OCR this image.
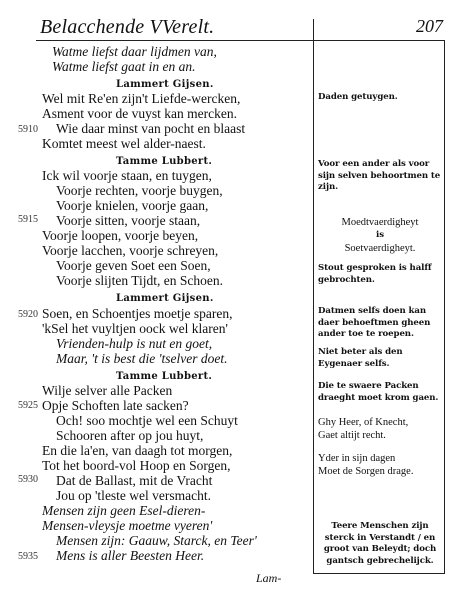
Belacchende VVerelt.	207
5910
5915
5920
5925
5930
5935
Watme liefst daar lijdmen van,
Watme liefst gaat in en an.
Lammert Gijsen.
Wel mit Re'en zijn't Liefde-wercken,
Asment voor de vuyst kan mercken.
Wie daar minst van pocht en blaast
Komtet meest wel alder-naest.
Tamme Lubbert.
Ick wil voorje staan, en tuygen,
Voorje rechten, voorje buygen,
Voorje knielen, voorje gaan,
Voorje sitten, voorje staan,
Voorje loopen, voorje beyen,
Voorje lacchen, voorje schreyen,
Voorje geven Soet een Soen,
Voorje slijten Tijdt, en Schoen.
Lammert Gijsen.
Soen, en Schoentjes moetje sparen,
'kSel het vuyltjen oock wel klaren'
Vrienden-hulp is nut en goet,
Maar, 't is best die 'tselver doet.
Tamme Lubbert.
Wilje selver alle Packen
Opje Schoften late sacken?
Och! soo mochtje wel een Schuyt
Schooren after op jou huyt,
En die la'en, van daagh tot morgen,
Tot het boord-vol Hoop en Sorgen,
Dat de Ballast, mit de Vracht
Jou op 'tleste wel versmacht.
Mensen zijn geen Esel-dieren-
Mensen-vleysje moetme vyeren'
Mensen zijn: Gaauw, Starck, en Teer'
Mens is aller Beesten Heer.
Daden getuygen.
Voor een ander als voor sijn selven behoortmen te zijn.
Moedtvaerdigheyt
is
Soetvaerdigheyt.
Stout gesproken is halff gebrochten.
Datmen selfs doen kan daer behoeftmen gheen ander toe te roepen.
Niet beter als den Eygenaer selfs.
Die te swaere Packen draeght moet krom gaen.
Ghy Heer, of Knecht,
Gaet altijt recht.
Yder in sijn dagen
Moet de Sorgen drage.
Teere Menschen zijn sterck in Verstandt / en groot van Beleydt; doch gantsch gebrechelijck.
Lam-
